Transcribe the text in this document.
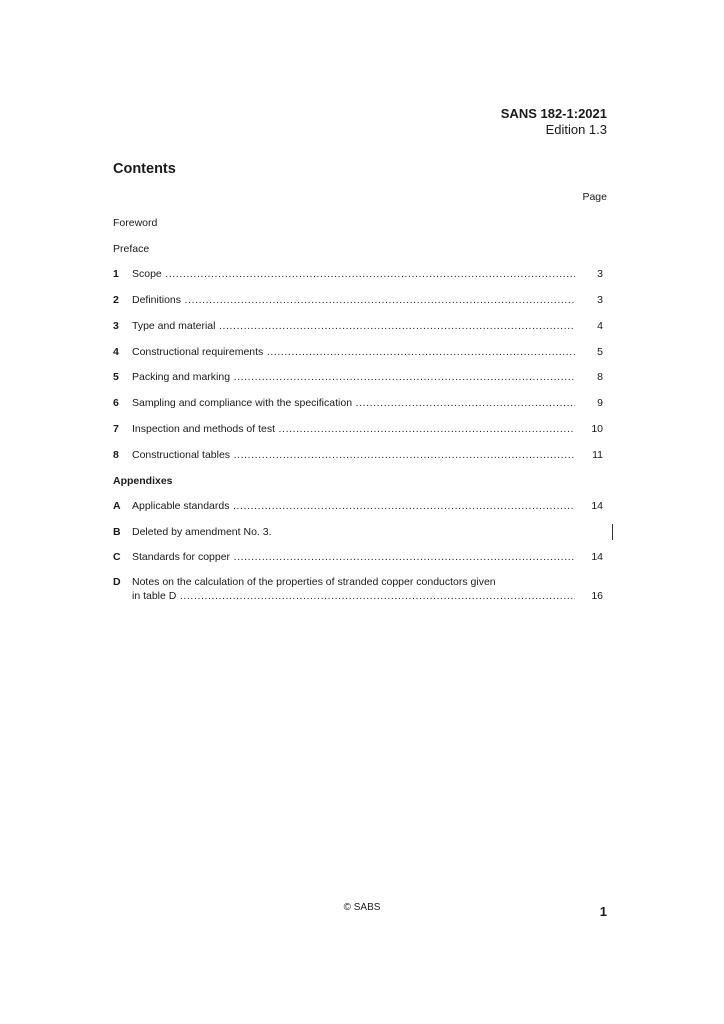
SANS 182-1:2021
Edition 1.3
Contents
Page
Foreword
Preface
1 Scope .....	3
2 Definitions .....	3
3 Type and material .....	4
4 Constructional requirements .....	5
5 Packing and marking .....	8
6 Sampling and compliance with the specification .....	9
7 Inspection and methods of test .....	10
8 Constructional tables .....	11
Appendixes
A Applicable standards .....	14
B Deleted by amendment No. 3.
C Standards for copper .....	14
D Notes on the calculation of the properties of stranded copper conductors given
in table D .....	16
© SABS	1
